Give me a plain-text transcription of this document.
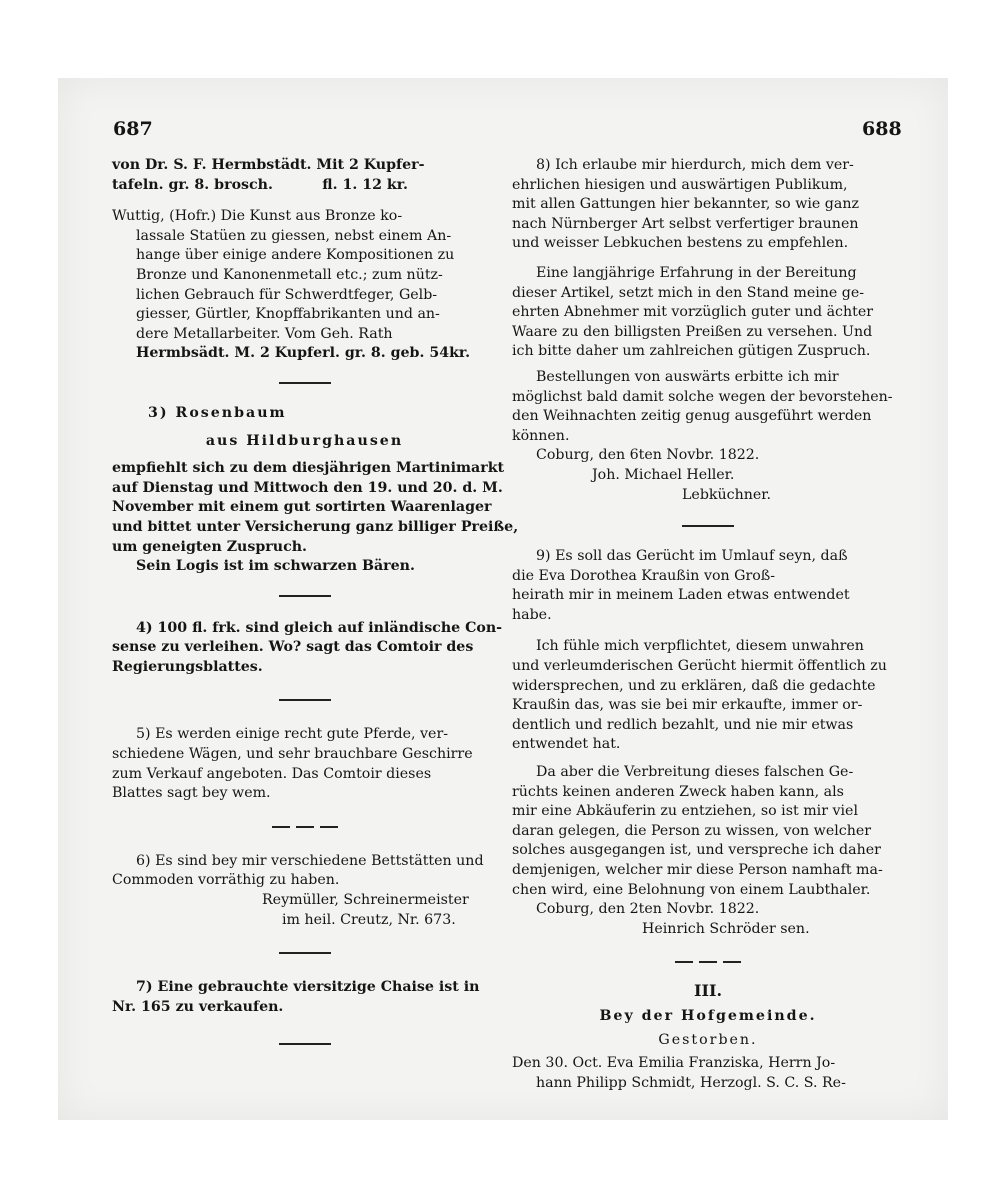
687	688

von Dr. S. F. Hermbstädt. Mit 2 Kupfer-
tafeln. gr. 8. brosch.          fl. 1. 12 kr.

Wuttig, (Hofr.) Die Kunst aus Bronze ko-
lassale Statüen zu giessen, nebst einem An-
hange über einige andere Kompositionen zu
Bronze und Kanonenmetall etc.; zum nütz-
lichen Gebrauch für Schwerdtfeger, Gelb-
giesser, Gürtler, Knopffabrikanten und an-
dere Metallarbeiter. Vom Geh. Rath
Hermbsädt. M. 2 Kupferl. gr. 8. geb. 54kr.

3) Rosenbaum

aus Hildburghausen

empfiehlt sich zu dem diesjährigen Martinimarkt
auf Dienstag und Mittwoch den 19. und 20. d. M.
November mit einem gut sortirten Waarenlager
und bittet unter Versicherung ganz billiger Preiße,
um geneigten Zuspruch.
Sein Logis ist im schwarzen Bären.

4) 100 fl. frk. sind gleich auf inländische Con-
sense zu verleihen. Wo? sagt das Comtoir des
Regierungsblattes.

5) Es werden einige recht gute Pferde, ver-
schiedene Wägen, und sehr brauchbare Geschirre
zum Verkauf angeboten. Das Comtoir dieses
Blattes sagt bey wem.

6) Es sind bey mir verschiedene Bettstätten und
Commoden vorräthig zu haben.
Reymüller, Schreinermeister
im heil. Creutz, Nr. 673.

7) Eine gebrauchte viersitzige Chaise ist in
Nr. 165 zu verkaufen.

8) Ich erlaube mir hierdurch, mich dem ver-
ehrlichen hiesigen und auswärtigen Publikum,
mit allen Gattungen hier bekannter, so wie ganz
nach Nürnberger Art selbst verfertiger braunen
und weisser Lebkuchen bestens zu empfehlen.

Eine langjährige Erfahrung in der Bereitung
dieser Artikel, setzt mich in den Stand meine ge-
ehrten Abnehmer mit vorzüglich guter und ächter
Waare zu den billigsten Preißen zu versehen. Und
ich bitte daher um zahlreichen gütigen Zuspruch.

Bestellungen von auswärts erbitte ich mir
möglichst bald damit solche wegen der bevorstehen-
den Weihnachten zeitig genug ausgeführt werden
können.
Coburg, den 6ten Novbr. 1822.
Joh. Michael Heller.
Lebküchner.

9) Es soll das Gerücht im Umlauf seyn, daß
die Eva Dorothea Kraußin von Groß-
heirath mir in meinem Laden etwas entwendet
habe.

Ich fühle mich verpflichtet, diesem unwahren
und verleumderischen Gerücht hiermit öffentlich zu
widersprechen, und zu erklären, daß die gedachte
Kraußin das, was sie bei mir erkaufte, immer or-
dentlich und redlich bezahlt, und nie mir etwas
entwendet hat.

Da aber die Verbreitung dieses falschen Ge-
rüchts keinen anderen Zweck haben kann, als
mir eine Abkäuferin zu entziehen, so ist mir viel
daran gelegen, die Person zu wissen, von welcher
solches ausgegangen ist, und verspreche ich daher
demjenigen, welcher mir diese Person namhaft ma-
chen wird, eine Belohnung von einem Laubthaler.
Coburg, den 2ten Novbr. 1822.
Heinrich Schröder sen.

III.

Bey der Hofgemeinde.

Gestorben.

Den 30. Oct. Eva Emilia Franziska, Herrn Jo-
hann Philipp Schmidt, Herzogl. S. C. S. Re-
